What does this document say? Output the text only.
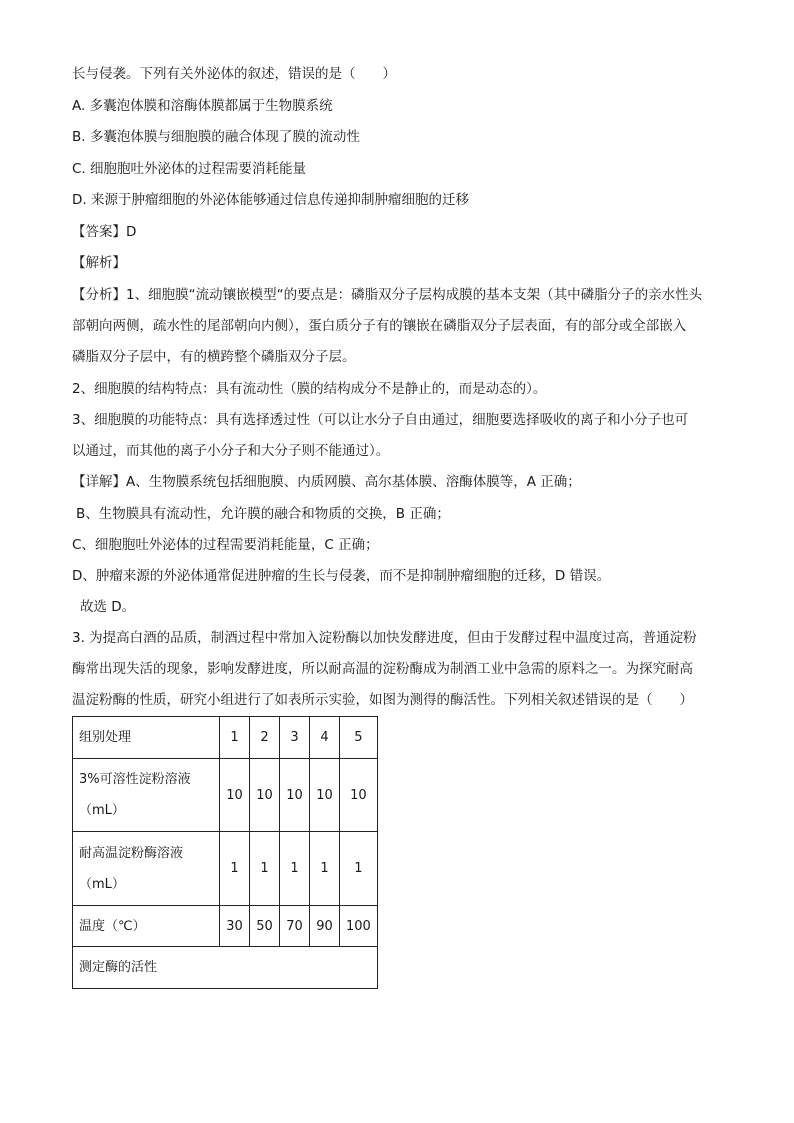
长与侵袭。下列有关外泌体的叙述，错误的是（　　）
A. 多囊泡体膜和溶酶体膜都属于生物膜系统
B. 多囊泡体膜与细胞膜的融合体现了膜的流动性
C. 细胞胞吐外泌体的过程需要消耗能量
D. 来源于肿瘤细胞的外泌体能够通过信息传递抑制肿瘤细胞的迁移
【答案】D
【解析】
【分析】1、细胞膜“流动镶嵌模型“的要点是：磷脂双分子层构成膜的基本支架（其中磷脂分子的亲水性头
部朝向两侧，疏水性的尾部朝向内侧），蛋白质分子有的镶嵌在磷脂双分子层表面，有的部分或全部嵌入
磷脂双分子层中，有的横跨整个磷脂双分子层。
2、细胞膜的结构特点：具有流动性（膜的结构成分不是静止的，而是动态的）。
3、细胞膜的功能特点：具有选择透过性（可以让水分子自由通过，细胞要选择吸收的离子和小分子也可
以通过，而其他的离子小分子和大分子则不能通过）。
【详解】A、生物膜系统包括细胞膜、内质网膜、高尔基体膜、溶酶体膜等，A 正确；
B、生物膜具有流动性，允许膜的融合和物质的交换，B 正确；
C、细胞胞吐外泌体的过程需要消耗能量，C 正确；
D、肿瘤来源的外泌体通常促进肿瘤的生长与侵袭，而不是抑制肿瘤细胞的迁移，D 错误。
故选 D。
3. 为提高白酒的品质，制酒过程中常加入淀粉酶以加快发酵进度，但由于发酵过程中温度过高，普通淀粉
酶常出现失活的现象，影响发酵进度，所以耐高温的淀粉酶成为制酒工业中急需的原料之一。为探究耐高
温淀粉酶的性质，研究小组进行了如表所示实验，如图为测得的酶活性。下列相关叙述错误的是（　　）
组别处理	1	2	3	4	5

3%可溶性淀粉溶液
（mL）	10	10	10	10	10

耐高温淀粉酶溶液
（mL）	1	1	1	1	1
温度（℃）	30	50	70	90	100
测定酶的活性					
